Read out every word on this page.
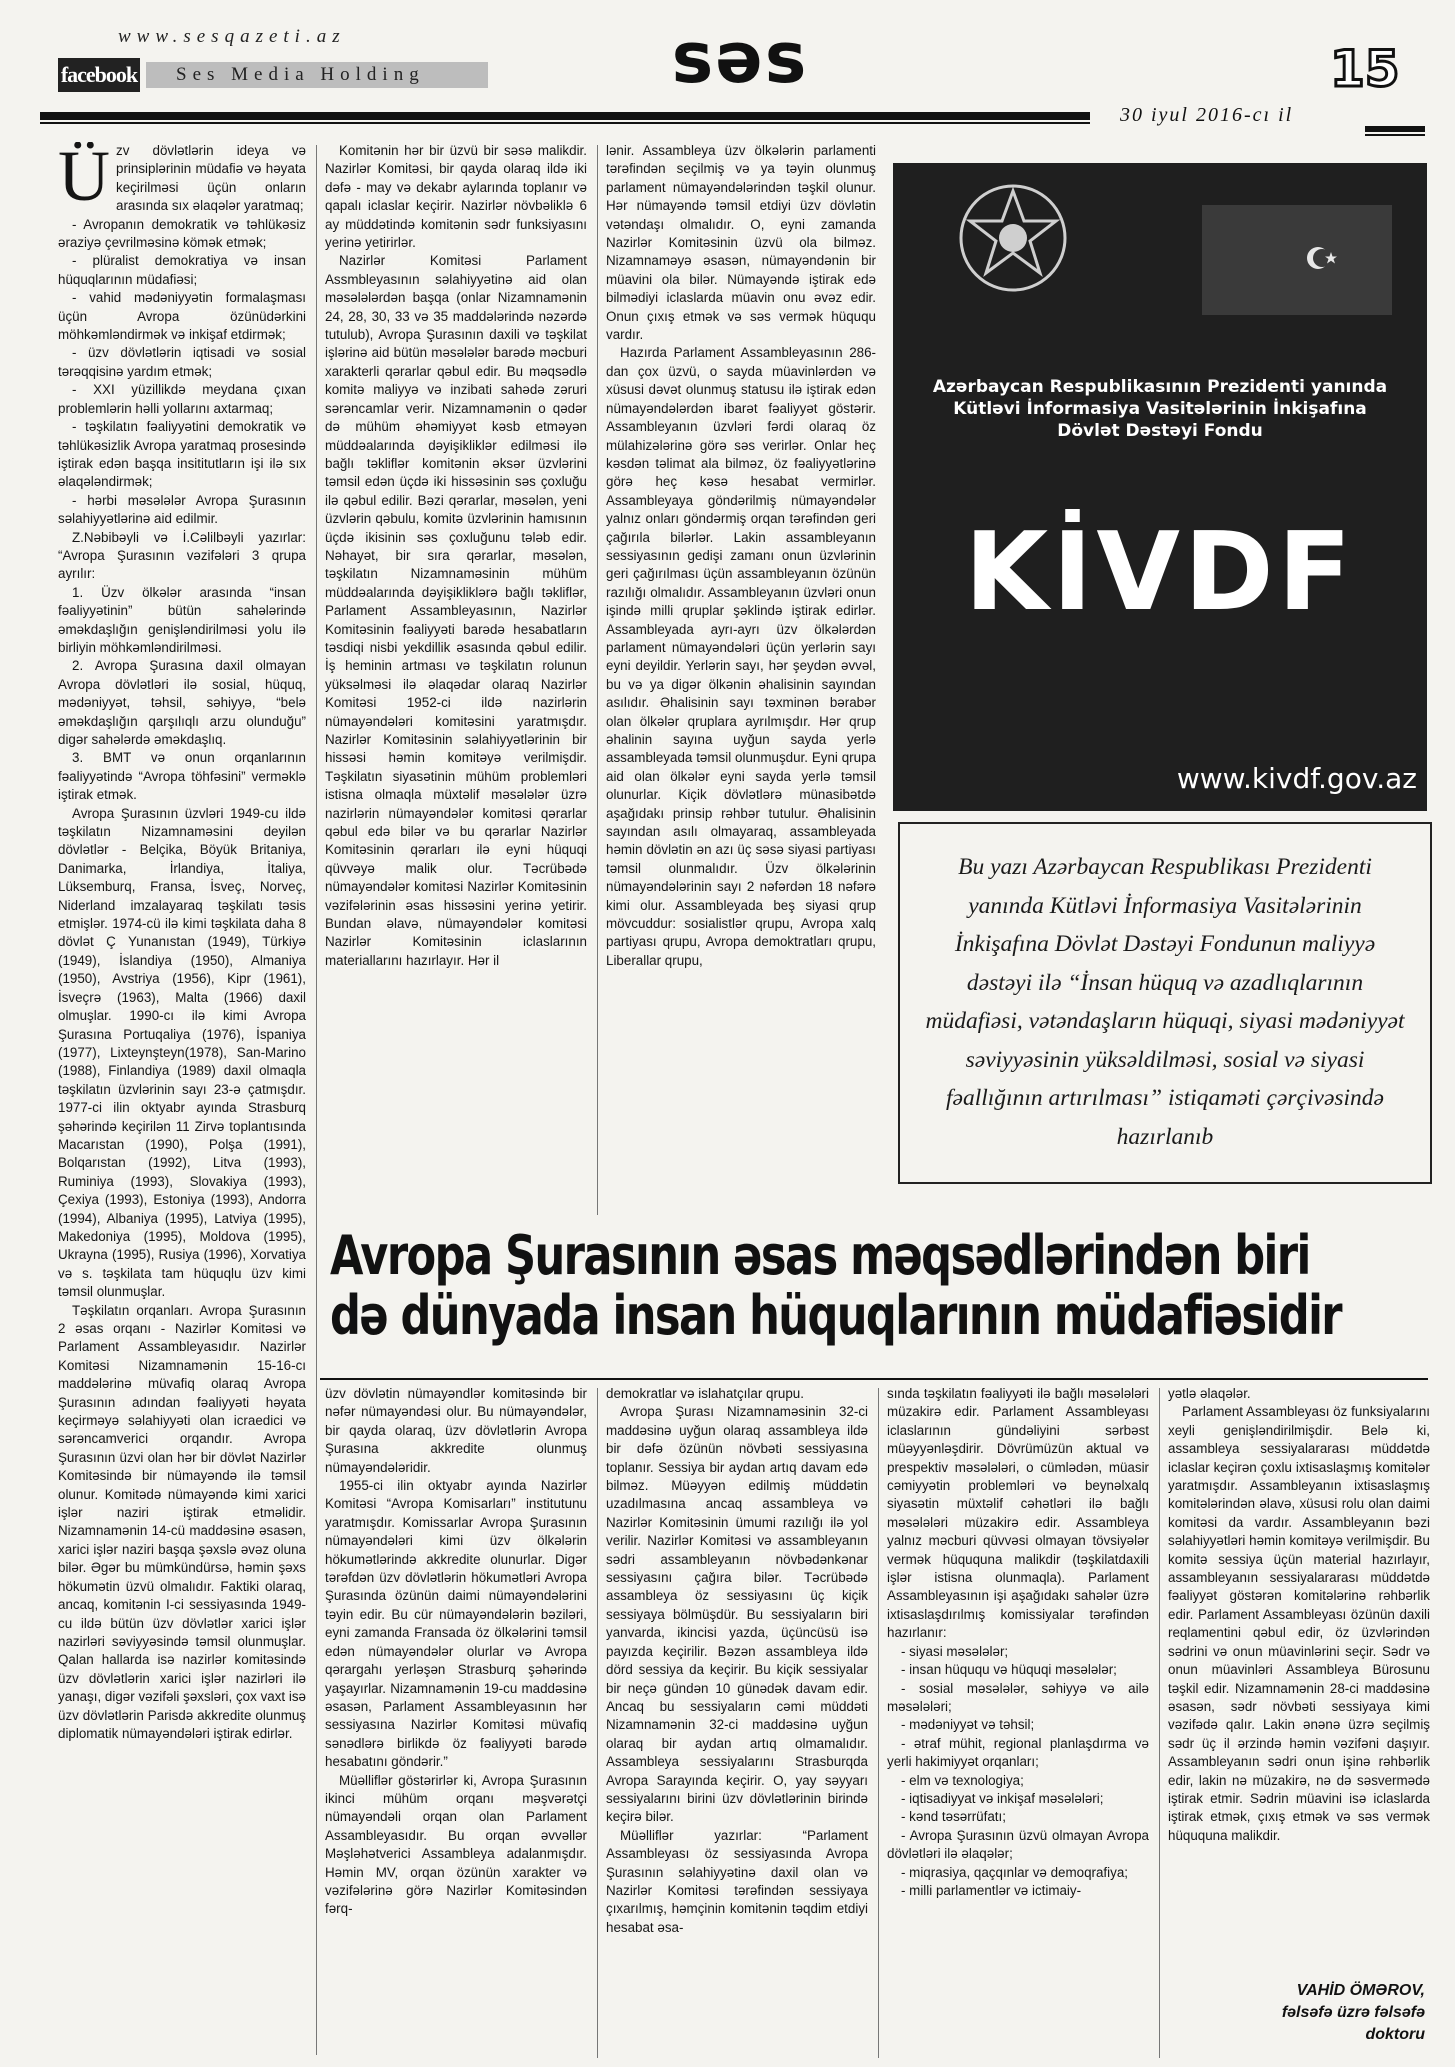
www.sesqazeti.az
facebook	Ses Media Holding	səs	15
30 iyul 2016-cı il
Ü zv dövlətlərin ideya və prinsiplərinin müdafiə və həyata keçirilməsi üçün onların arasında sıx əlaqələr yaratmaq;

- Avropanın demokratik və təhlükəsiz əraziyə çevrilməsinə kömək etmək;

- plüralist demokratiya və insan hüquqlarının müdafiəsi;

- vahid mədəniyyətin formalaşması üçün Avropa özünüdərkini möhkəmləndirmək və inkişaf etdirmək;

- üzv dövlətlərin iqtisadi və sosial tərəqqisinə yardım etmək;

- XXI yüzillikdə meydana çıxan problemlərin həlli yollarını axtarmaq;

- təşkilatın fəaliyyətini demokratik və təhlükəsizlik Avropa yaratmaq prosesində iştirak edən başqa insititutların işi ilə sıx əlaqələndirmək;

- hərbi məsələlər Avropa Şurasının səlahiyyətlərinə aid edilmir.

Z.Nəbibəyli və İ.Cəlilbəyli yazırlar: “Avropa Şurasının vəzifələri 3 qrupa ayrılır:

1. Üzv ölkələr arasında “insan fəaliyyətinin” bütün sahələrində əməkdaşlığın genişləndirilməsi yolu ilə birliyin möhkəmləndirilməsi.

2. Avropa Şurasına daxil olmayan Avropa dövlətləri ilə sosial, hüquq, mədəniyyət, təhsil, səhiyyə, “belə əməkdaşlığın qarşılıqlı arzu olunduğu” digər sahələrdə əməkdaşlıq.

3. BMT və onun orqanlarının fəaliyyətində “Avropa töhfəsini” verməklə iştirak etmək.

Avropa Şurasının üzvləri 1949-cu ildə təşkilatın Nizamnaməsini deyilən dövlətlər - Belçika, Böyük Britaniya, Danimarka, İrlandiya, İtaliya, Lüksemburq, Fransa, İsveç, Norveç, Niderland imzalayaraq təşkilatı təsis etmişlər. 1974-cü ilə kimi təşkilata daha 8 dövlət Ç Yunanıstan (1949), Türkiyə (1949), İslandiya (1950), Almaniya (1950), Avstriya (1956), Kipr (1961), İsveçrə (1963), Malta (1966) daxil olmuşlar. 1990-cı ilə kimi Avropa Şurasına Portuqaliya (1976), İspaniya (1977), Lixteynşteyn(1978), San-Marino (1988), Finlandiya (1989) daxil olmaqla təşkilatın üzvlərinin sayı 23-ə çatmışdır. 1977-ci ilin oktyabr ayında Strasburq şəhərində keçirilən 11 Zirvə toplantısında Macarıstan (1990), Polşa (1991), Bolqarıstan (1992), Litva (1993), Ruminiya (1993), Slovakiya (1993), Çexiya (1993), Estoniya (1993), Andorra (1994), Albaniya (1995), Latviya (1995), Makedoniya (1995), Moldova (1995), Ukrayna (1995), Rusiya (1996), Xorvatiya və s. təşkilata tam hüquqlu üzv kimi təmsil olunmuşlar.

Təşkilatın orqanları. Avropa Şurasının 2 əsas orqanı - Nazirlər Komitəsi və Parlament Assambleyasıdır. Nazirlər Komitəsi Nizamnamənin 15-16-cı maddələrinə müvafiq olaraq Avropa Şurasının adından fəaliyyəti həyata keçirməyə səlahiyyəti olan icraedici və sərəncamverici orqandır. Avropa Şurasının üzvi olan hər bir dövlət Nazirlər Komitəsində bir nümayəndə ilə təmsil olunur. Komitədə nümayəndə kimi xarici işlər naziri iştirak etməlidir. Nizamnamənin 14-cü maddəsinə əsasən, xarici işlər naziri başqa şəxslə əvəz oluna bilər. Əgər bu mümkündürsə, həmin şəxs hökumətin üzvü olmalıdır. Faktiki olaraq, ancaq, komitənin I-ci sessiyasında 1949-cu ildə bütün üzv dövlətlər xarici işlər nazirləri səviyyəsində təmsil olunmuşlar. Qalan hallarda isə nazirlər komitəsində üzv dövlətlərin xarici işlər nazirləri ilə yanaşı, digər vəzifəli şəxsləri, çox vaxt isə üzv dövlətlərin Parisdə akkredite olunmuş diplomatik nümayəndələri iştirak edirlər.

Komitənin hər bir üzvü bir səsə malikdir. Nazirlər Komitəsi, bir qayda olaraq ildə iki dəfə - may və dekabr aylarında toplanır və qapalı iclaslar keçirir. Nazirlər növbəliklə 6 ay müddətində komitənin sədr funksiyasını yerinə yetirirlər.

Nazirlər Komitəsi Parlament Assmbleyasının səlahiyyətinə aid olan məsələlərdən başqa (onlar Nizamnamənin 24, 28, 30, 33 və 35 maddələrində nəzərdə tutulub), Avropa Şurasının daxili və təşkilat işlərinə aid bütün məsələlər barədə məcburi xarakterli qərarlar qəbul edir. Bu məqsədlə komitə maliyyə və inzibati sahədə zəruri sərəncamlar verir. Nizamnamənin o qədər də mühüm əhəmiyyət kəsb etməyən müddəalarında dəyişikliklər edilməsi ilə bağlı təkliflər komitənin əksər üzvlərini təmsil edən üçdə iki hissəsinin səs çoxluğu ilə qəbul edilir. Bəzi qərarlar, məsələn, yeni üzvlərin qəbulu, komitə üzvlərinin hamısının üçdə ikisinin səs çoxluğunu tələb edir. Nəhayət, bir sıra qərarlar, məsələn, təşkilatın Nizamnaməsinin mühüm müddəalarında dəyişikliklərə bağlı təkliflər, Parlament Assambleyasının, Nazirlər Komitəsinin fəaliyyəti barədə hesabatların təsdiqi nisbi yekdillik əsasında qəbul edilir. İş heminin artması və təşkilatın rolunun yüksəlməsi ilə əlaqədar olaraq Nazirlər Komitəsi 1952-ci ildə nazirlərin nümayəndələri komitəsini yaratmışdır. Nazirlər Komitəsinin səlahiyyətlərinin bir hissəsi həmin komitəyə verilmişdir. Təşkilatın siyasətinin mühüm problemləri istisna olmaqla müxtəlif məsələlər üzrə nazirlərin nümayəndələr komitəsi qərarlar qəbul edə bilər və bu qərarlar Nazirlər Komitəsinin qərarları ilə eyni hüquqi qüvvəyə malik olur. Təcrübədə nümayəndələr komitəsi Nazirlər Komitəsinin vəzifələrinin əsas hissəsini yerinə yetirir. Bundan əlavə, nümayəndələr komitəsi Nazirlər Komitəsinin iclaslarının materiallarını hazırlayır. Hər il

lənir. Assambleya üzv ölkələrin parlamenti tərəfindən seçilmiş və ya təyin olunmuş parlament nümayəndələrindən təşkil olunur. Hər nümayəndə təmsil etdiyi üzv dövlətin vətəndaşı olmalıdır. O, eyni zamanda Nazirlər Komitəsinin üzvü ola bilməz. Nizamnaməyə əsasən, nümayəndənin bir müavini ola bilər. Nümayəndə iştirak edə bilmədiyi iclaslarda müavin onu əvəz edir. Onun çıxış etmək və səs vermək hüququ vardır.

Hazırda Parlament Assambleyasının 286-dan çox üzvü, o sayda müavinlərdən və xüsusi dəvət olunmuş statusu ilə iştirak edən nümayəndələrdən ibarət fəaliyyət göstərir. Assambleyanın üzvləri fərdi olaraq öz mülahizələrinə görə səs verirlər. Onlar heç kəsdən təlimat ala bilməz, öz fəaliyyətlərinə görə heç kəsə hesabat vermirlər. Assambleyaya göndərilmiş nümayəndələr yalnız onları göndərmiş orqan tərəfindən geri çağırıla bilərlər. Lakin assambleyanın sessiyasının gedişi zamanı onun üzvlərinin geri çağırılması üçün assambleyanın özünün razılığı olmalıdır. Assambleyanın üzvləri onun işində milli qruplar şəklində iştirak edirlər. Assambleyada ayrı-ayrı üzv ölkələrdən parlament nümayəndələri üçün yerlərin sayı eyni deyildir. Yerlərin sayı, hər şeydən əvvəl, bu və ya digər ölkənin əhalisinin sayından asılıdır. Əhalisinin sayı təxminən bərabər olan ölkələr qruplara ayrılmışdır. Hər qrup əhalinin sayına uyğun sayda yerlə assambleyada təmsil olunmuşdur. Eyni qrupa aid olan ölkələr eyni sayda yerlə təmsil olunurlar. Kiçik dövlətlərə münasibətdə aşağıdakı prinsip rəhbər tutulur. Əhalisinin sayından asılı olmayaraq, assambleyada həmin dövlətin ən azı üç səsə siyasi partiyası təmsil olunmalıdır. Üzv ölkələrinin nümayəndələrinin sayı 2 nəfərdən 18 nəfərə kimi olur. Assambleyada beş siyasi qrup mövcuddur: sosialistlər qrupu, Avropa xalq partiyası qrupu, Avropa demoktratları qrupu, Liberallar qrupu,

Azərbaycan Respublikasının Prezidenti yanında
Kütləvi İnformasiya Vasitələrinin İnkişafına
Dövlət Dəstəyi Fondu
KİVDF
www.kivdf.gov.az
Bu yazı Azərbaycan Respublikası Prezidenti yanında Kütləvi İnformasiya Vasitələrinin İnkişafına Dövlət Dəstəyi Fondunun maliyyə dəstəyi ilə “İnsan hüquq və azadlıqlarının müdafiəsi, vətəndaşların hüquqi, siyasi mədəniyyət səviyyəsinin yüksəldilməsi, sosial və siyasi fəallığının artırılması” istiqaməti çərçivəsində hazırlanıb
Avropa Şurasının əsas məqsədlərindən biri
də dünyada insan hüquqlarının müdafiəsidir

üzv dövlətin nümayəndlər komitəsində bir nəfər nümayəndəsi olur. Bu nümayəndələr, bir qayda olaraq, üzv dövlətlərin Avropa Şurasına akkredite olunmuş nümayəndələridir.

1955-ci ilin oktyabr ayında Nazirlər Komitəsi “Avropa Komisarları” institutunu yaratmışdır. Komissarlar Avropa Şurasının nümayəndələri kimi üzv ölkələrin hökumətlərində akkredite olunurlar. Digər tərəfdən üzv dövlətlərin hökumətləri Avropa Şurasında özünün daimi nümayəndələrini təyin edir. Bu cür nümayəndələrin bəziləri, eyni zamanda Fransada öz ölkələrini təmsil edən nümayəndələr olurlar və Avropa qərargahı yerləşən Strasburq şəhərində yaşayırlar. Nizamnamənin 19-cu maddəsinə əsasən, Parlament Assambleyasının hər sessiyasına Nazirlər Komitəsi müvafiq sənədlərə birlikdə öz fəaliyyəti barədə hesabatını göndərir.”

Müəlliflər göstərirlər ki, Avropa Şurasının ikinci mühüm orqanı məşvərətçi nümayəndəli orqan olan Parlament Assambleyasıdır. Bu orqan əvvəllər Məşləhətverici Assambleya adalanmışdır. Həmin MV, orqan özünün xarakter və vəzifələrinə görə Nazirlər Komitəsindən fərq-

demokratlar və islahatçılar qrupu.

Avropa Şurası Nizamnaməsinin 32-ci maddəsinə uyğun olaraq assambleya ildə bir dəfə özünün növbəti sessiyasına toplanır. Sessiya bir aydan artıq davam edə bilməz. Müəyyən edilmiş müddətin uzadılmasına ancaq assambleya və Nazirlər Komitəsinin ümumi razılığı ilə yol verilir. Nazirlər Komitəsi və assambleyanın sədri assambleyanın növbədənkənar sessiyasını çağıra bilər. Təcrübədə assambleya öz sessiyasını üç kiçik sessiyaya bölmüşdür. Bu sessiyaların biri yanvarda, ikincisi yazda, üçüncüsü isə payızda keçirilir. Bəzən assambleya ildə dörd sessiya da keçirir. Bu kiçik sessiyalar bir neçə gündən 10 günədək davam edir. Ancaq bu sessiyaların cəmi müddəti Nizamnamənin 32-ci maddəsinə uyğun olaraq bir aydan artıq olmamalıdır. Assambleya sessiyalarını Strasburqda Avropa Sarayında keçirir. O, yay səyyarı sessiyalarını birini üzv dövlətlərinin birində keçirə bilər.

Müəlliflər yazırlar: “Parlament Assambleyası öz sessiyasında Avropa Şurasının səlahiyyətinə daxil olan və Nazirlər Komitəsi tərəfindən sessiyaya çıxarılmış, həmçinin komitənin təqdim etdiyi hesabat əsa-

sında təşkilatın fəaliyyəti ilə bağlı məsələləri müzakirə edir. Parlament Assambleyası iclaslarının gündəliyini sərbəst müəyyənləşdirir. Dövrümüzün aktual və prespektiv məsələləri, o cümlədən, müasir cəmiyyətin problemləri və beynəlxalq siyasətin müxtəlif cəhətləri ilə bağlı məsələləri müzakirə edir. Assambleya yalnız məcburi qüvvəsi olmayan tövsiyələr vermək hüququna malikdir (təşkilatdaxili işlər istisna olunmaqla). Parlament Assambleyasının işi aşağıdakı sahələr üzrə ixtisaslaşdırılmış komissiyalar tərəfindən hazırlanır:

- siyasi məsələlər;

- insan hüququ və hüquqi məsələlər;

- sosial məsələlər, səhiyyə və ailə məsələləri;

- mədəniyyət və təhsil;

- ətraf mühit, regional planlaşdırma və yerli hakimiyyət orqanları;

- elm və texnologiya;

- iqtisadiyyat və inkişaf məsələləri;

- kənd təsərrüfatı;

- Avropa Şurasının üzvü olmayan Avropa dövlətləri ilə əlaqələr;

- miqrasiya, qaçqınlar və demoqrafiya;

- milli parlamentlər və ictimaiy-

yətlə əlaqələr.

Parlament Assambleyası öz funksiyalarını xeyli genişləndirilmişdir. Belə ki, assambleya sessiyalararası müddətdə iclaslar keçirən çoxlu ixtisaslaşmış komitələr yaratmışdır. Assambleyanın ixtisaslaşmış komitələrindən əlavə, xüsusi rolu olan daimi komitəsi da vardır. Assambleyanın bəzi səlahiyyətləri həmin komitəyə verilmişdir. Bu komitə sessiya üçün material hazırlayır, assambleyanın sessiyalararası müddətdə fəaliyyət göstərən komitələrinə rəhbərlik edir. Parlament Assambleyası özünün daxili reqlamentini qəbul edir, öz üzvlərindən sədrini və onun müavinlərini seçir. Sədr və onun müavinləri Assambleya Bürosunu təşkil edir. Nizamnamənin 28-ci maddəsinə əsasən, sədr növbəti sessiyaya kimi vəzifədə qalır. Lakin ənənə üzrə seçilmiş sədr üç il ərzində həmin vəzifəni daşıyır. Assambleyanın sədri onun işinə rəhbərlik edir, lakin nə müzakirə, nə də səsvermədə iştirak etmir. Sədrin müavini isə iclaslarda iştirak etmək, çıxış etmək və səs vermək hüququna malikdir.

VAHİD ÖMƏROV,
fəlsəfə üzrə fəlsəfə doktoru
